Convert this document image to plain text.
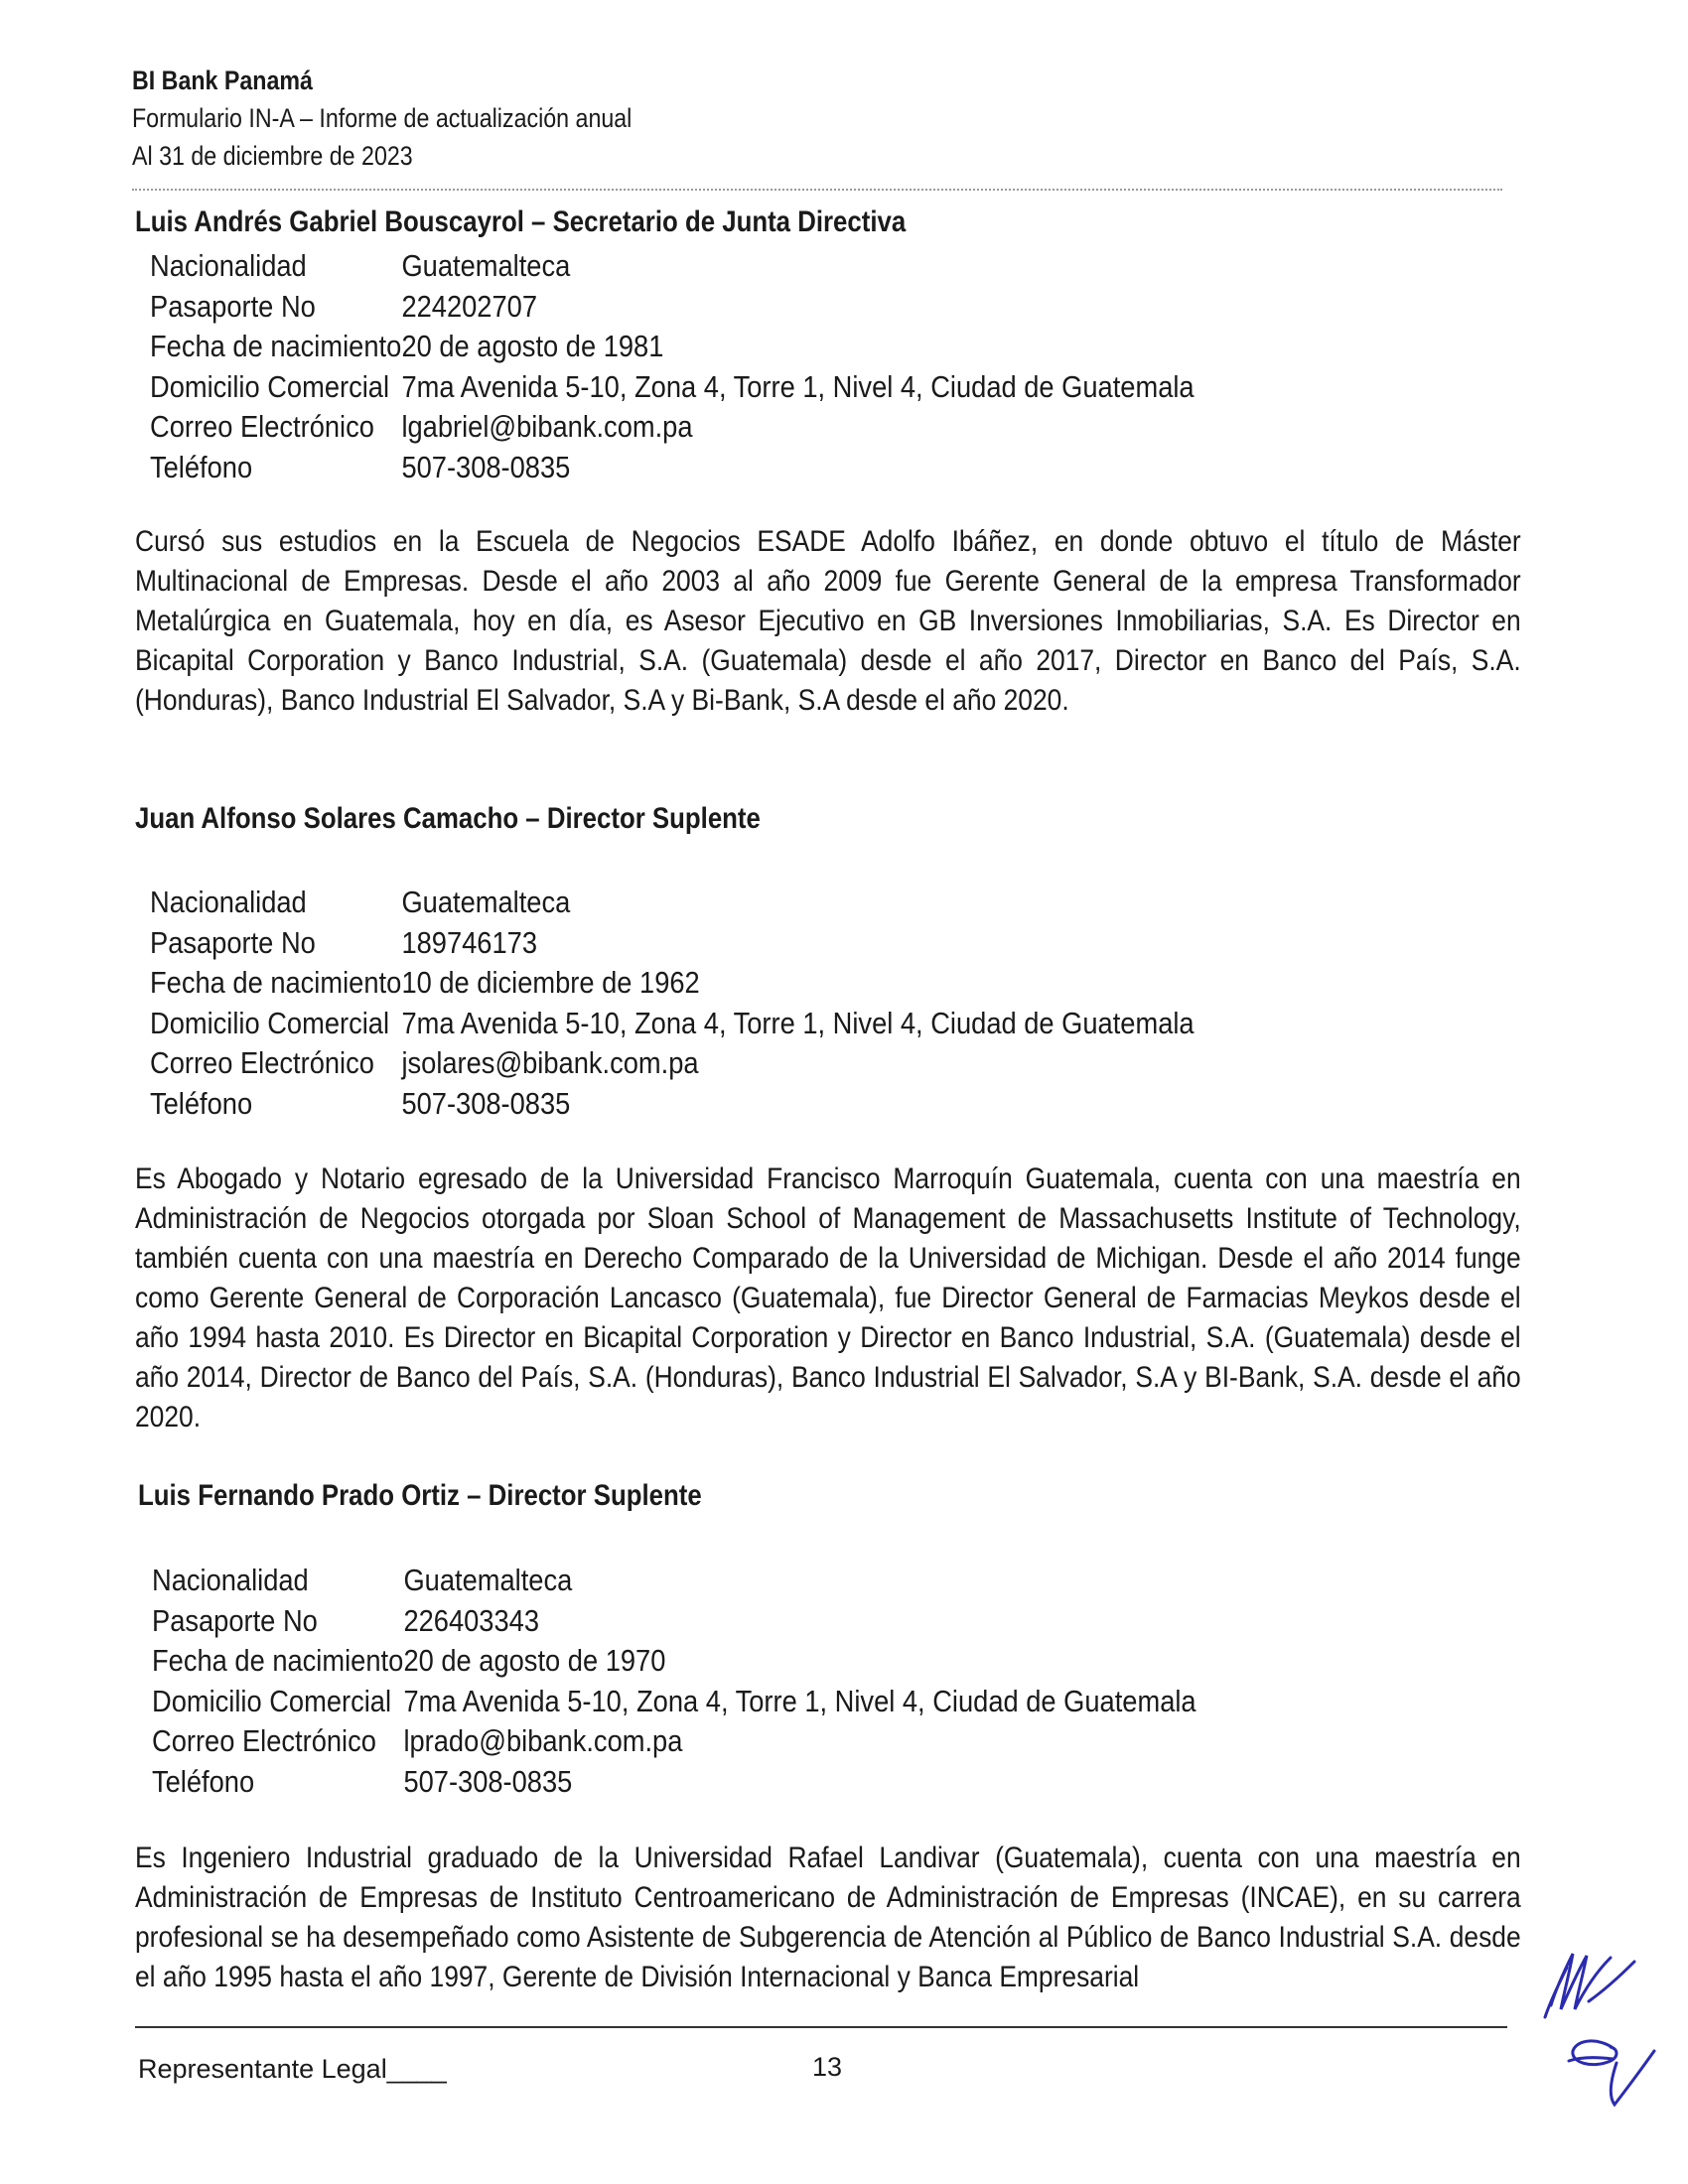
BI Bank Panamá
Formulario IN-A – Informe de actualización anual
Al 31 de diciembre de 2023
Luis Andrés Gabriel Bouscayrol – Secretario de Junta Directiva
Nacionalidad	Guatemalteca
Pasaporte No	224202707
Fecha de nacimiento 20 de agosto de 1981
Domicilio Comercial 7ma Avenida 5-10, Zona 4, Torre 1, Nivel 4, Ciudad de Guatemala
Correo Electrónico lgabriel@bibank.com.pa
Teléfono	507-308-0835
Cursó sus estudios en la Escuela de Negocios ESADE Adolfo Ibáñez, en donde obtuvo el título de Máster Multinacional de Empresas. Desde el año 2003 al año 2009 fue Gerente General de la empresa Transformador Metalúrgica en Guatemala, hoy en día, es Asesor Ejecutivo en GB Inversiones Inmobiliarias, S.A. Es Director en Bicapital Corporation y Banco Industrial, S.A. (Guatemala) desde el año 2017, Director en Banco del País, S.A. (Honduras), Banco Industrial El Salvador, S.A y Bi-Bank, S.A desde el año 2020.
Juan Alfonso Solares Camacho – Director Suplente
Nacionalidad	Guatemalteca
Pasaporte No	189746173
Fecha de nacimiento 10 de diciembre de 1962
Domicilio Comercial 7ma Avenida 5-10, Zona 4, Torre 1, Nivel 4, Ciudad de Guatemala
Correo Electrónico jsolares@bibank.com.pa
Teléfono	507-308-0835
Es Abogado y Notario egresado de la Universidad Francisco Marroquín Guatemala, cuenta con una maestría en Administración de Negocios otorgada por Sloan School of Management de Massachusetts Institute of Technology, también cuenta con una maestría en Derecho Comparado de la Universidad de Michigan. Desde el año 2014 funge como Gerente General de Corporación Lancasco (Guatemala), fue Director General de Farmacias Meykos desde el año 1994 hasta 2010. Es Director en Bicapital Corporation y Director en Banco Industrial, S.A. (Guatemala) desde el año 2014, Director de Banco del País, S.A. (Honduras), Banco Industrial El Salvador, S.A y BI-Bank, S.A. desde el año 2020.
Luis Fernando Prado Ortiz – Director Suplente
Nacionalidad	Guatemalteca
Pasaporte No	226403343
Fecha de nacimiento 20 de agosto de 1970
Domicilio Comercial 7ma Avenida 5-10, Zona 4, Torre 1, Nivel 4, Ciudad de Guatemala
Correo Electrónico lprado@bibank.com.pa
Teléfono	507-308-0835
Es Ingeniero Industrial graduado de la Universidad Rafael Landivar (Guatemala), cuenta con una maestría en Administración de Empresas de Instituto Centroamericano de Administración de Empresas (INCAE), en su carrera profesional se ha desempeñado como Asistente de Subgerencia de Atención al Público de Banco Industrial S.A. desde el año 1995 hasta el año 1997, Gerente de División Internacional y Banca Empresarial
Representante Legal____	13
